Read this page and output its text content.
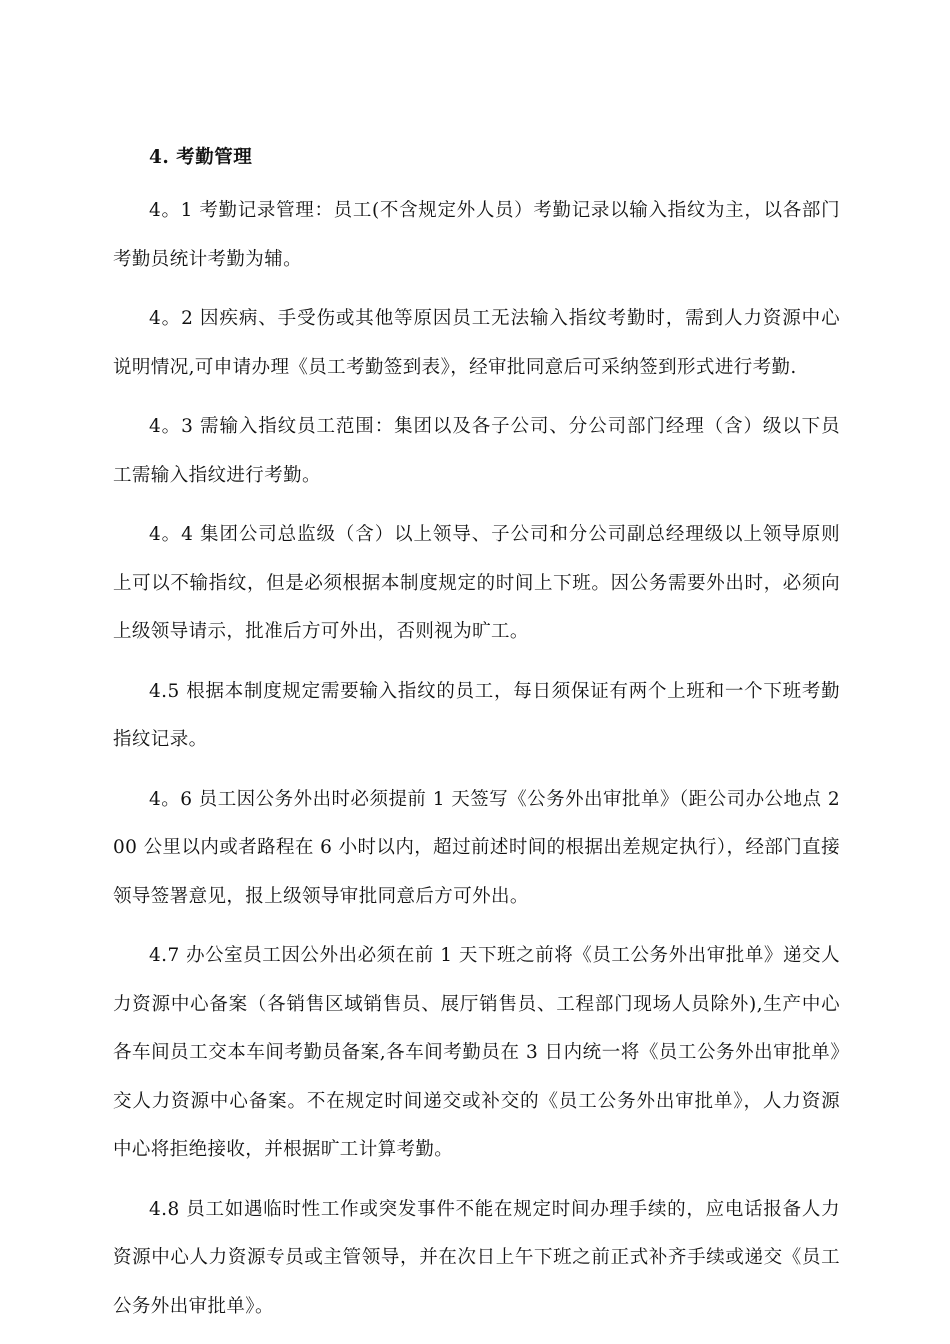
4. 考勤管理

4。1 考勤记录管理：员工(不含规定外人员）考勤记录以输入指纹为主，以各部门考勤员统计考勤为辅。

4。2 因疾病、手受伤或其他等原因员工无法输入指纹考勤时，需到人力资源中心说明情况,可申请办理《员工考勤签到表》，经审批同意后可采纳签到形式进行考勤.

4。3 需输入指纹员工范围：集团以及各子公司、分公司部门经理（含）级以下员工需输入指纹进行考勤。

4。4 集团公司总监级（含）以上领导、子公司和分公司副总经理级以上领导原则上可以不输指纹，但是必须根据本制度规定的时间上下班。因公务需要外出时，必须向上级领导请示，批准后方可外出，否则视为旷工。

4.5 根据本制度规定需要输入指纹的员工，每日须保证有两个上班和一个下班考勤指纹记录。

4。6 员工因公务外出时必须提前 1 天签写《公务外出审批单》（距公司办公地点 200 公里以内或者路程在 6 小时以内，超过前述时间的根据出差规定执行），经部门直接领导签署意见，报上级领导审批同意后方可外出。

4.7 办公室员工因公外出必须在前 1 天下班之前将《员工公务外出审批单》递交人力资源中心备案（各销售区域销售员、展厅销售员、工程部门现场人员除外),生产中心各车间员工交本车间考勤员备案,各车间考勤员在 3 日内统一将《员工公务外出审批单》交人力资源中心备案。不在规定时间递交或补交的《员工公务外出审批单》，人力资源中心将拒绝接收，并根据旷工计算考勤。

4.8 员工如遇临时性工作或突发事件不能在规定时间办理手续的，应电话报备人力资源中心人力资源专员或主管领导，并在次日上午下班之前正式补齐手续或递交《员工公务外出审批单》。
